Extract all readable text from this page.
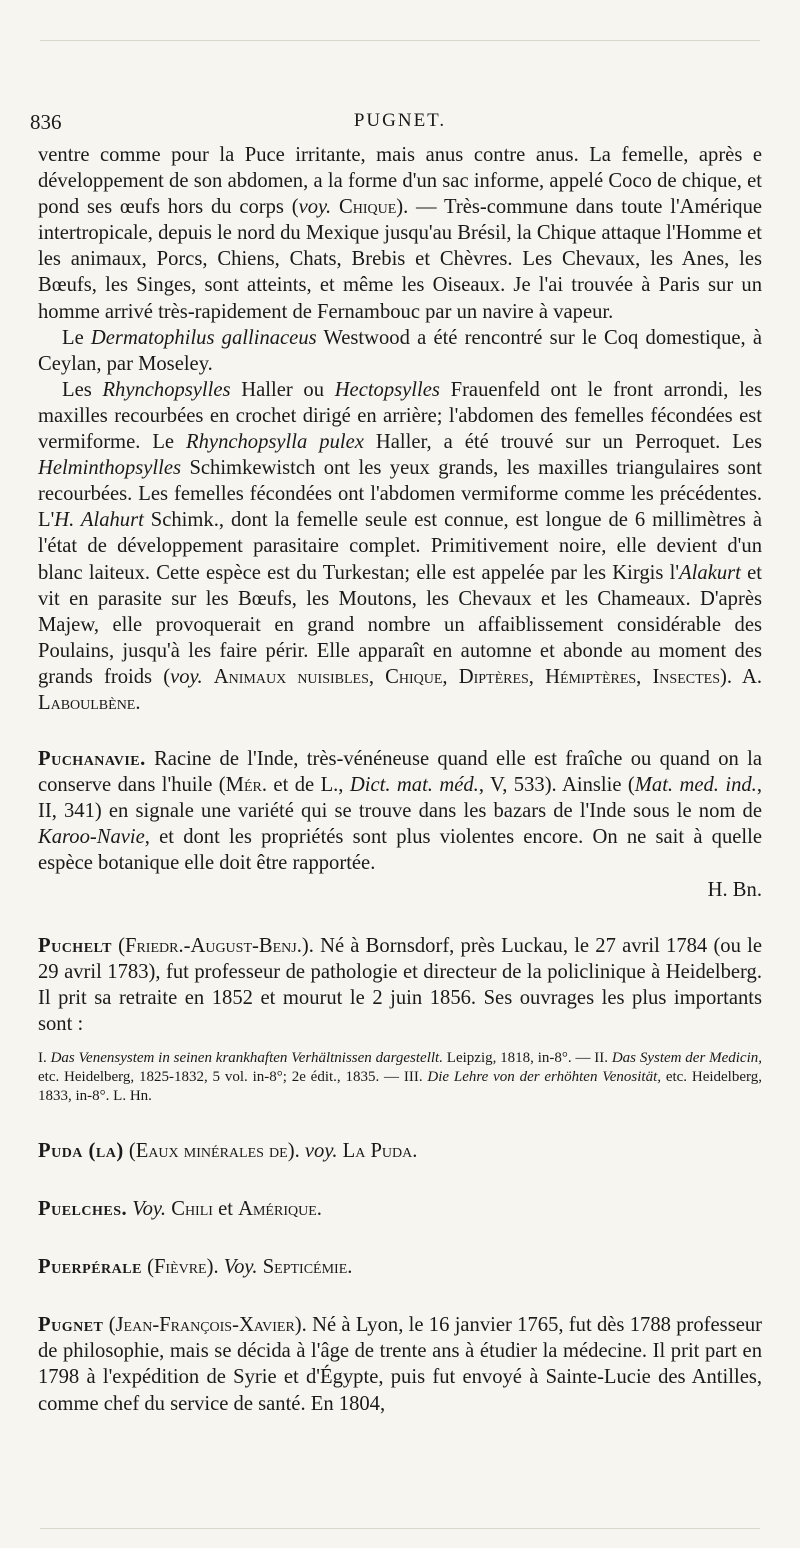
836	PUGNET.

ventre comme pour la Puce irritante, mais anus contre anus. La femelle, après e développement de son abdomen, a la forme d'un sac informe, appelé Coco de chique, et pond ses œufs hors du corps (voy. Chique). — Très-commune dans toute l'Amérique intertropicale, depuis le nord du Mexique jusqu'au Brésil, la Chique attaque l'Homme et les animaux, Porcs, Chiens, Chats, Brebis et Chèvres. Les Chevaux, les Anes, les Bœufs, les Singes, sont atteints, et même les Oiseaux. Je l'ai trouvée à Paris sur un homme arrivé très-rapidement de Fernambouc par un navire à vapeur.

Le Dermatophilus gallinaceus Westwood a été rencontré sur le Coq domestique, à Ceylan, par Moseley.

Les Rhynchopsylles Haller ou Hectopsylles Frauenfeld ont le front arrondi, les maxilles recourbées en crochet dirigé en arrière; l'abdomen des femelles fécondées est vermiforme. Le Rhynchopsylla pulex Haller, a été trouvé sur un Perroquet. Les Helminthopsylles Schimkewistch ont les yeux grands, les maxilles triangulaires sont recourbées. Les femelles fécondées ont l'abdomen vermiforme comme les précédentes. L'H. Alahurt Schimk., dont la femelle seule est connue, est longue de 6 millimètres à l'état de développement parasitaire complet. Primitivement noire, elle devient d'un blanc laiteux. Cette espèce est du Turkestan; elle est appelée par les Kirgis l'Alakurt et vit en parasite sur les Bœufs, les Moutons, les Chevaux et les Chameaux. D'après Majew, elle provoquerait en grand nombre un affaiblissement considérable des Poulains, jusqu'à les faire périr. Elle apparaît en automne et abonde au moment des grands froids (voy. Animaux nuisibles, Chique, Diptères, Hémiptères, Insectes). A. Laboulbène.

Puchanavie. Racine de l'Inde, très-vénéneuse quand elle est fraîche ou quand on la conserve dans l'huile (Mér. et de L., Dict. mat. méd., V, 533). Ainslie (Mat. med. ind., II, 341) en signale une variété qui se trouve dans les bazars de l'Inde sous le nom de Karoo-Navie, et dont les propriétés sont plus violentes encore. On ne sait à quelle espèce botanique elle doit être rapportée.

H. Bn.

Puchelt (Friedr.-August-Benj.). Né à Bornsdorf, près Luckau, le 27 avril 1784 (ou le 29 avril 1783), fut professeur de pathologie et directeur de la policlinique à Heidelberg. Il prit sa retraite en 1852 et mourut le 2 juin 1856. Ses ouvrages les plus importants sont :

I. Das Venensystem in seinen krankhaften Verhältnissen dargestellt. Leipzig, 1818, in-8°. — II. Das System der Medicin, etc. Heidelberg, 1825-1832, 5 vol. in-8°; 2e édit., 1835. — III. Die Lehre von der erhöhten Venosität, etc. Heidelberg, 1833, in-8°. L. Hn.

Puda (la) (Eaux minérales de). voy. La Puda.

Puelches. Voy. Chili et Amérique.

Puerpérale (Fièvre). Voy. Septicémie.

Pugnet (Jean-François-Xavier). Né à Lyon, le 16 janvier 1765, fut dès 1788 professeur de philosophie, mais se décida à l'âge de trente ans à étudier la médecine. Il prit part en 1798 à l'expédition de Syrie et d'Égypte, puis fut envoyé à Sainte-Lucie des Antilles, comme chef du service de santé. En 1804,
